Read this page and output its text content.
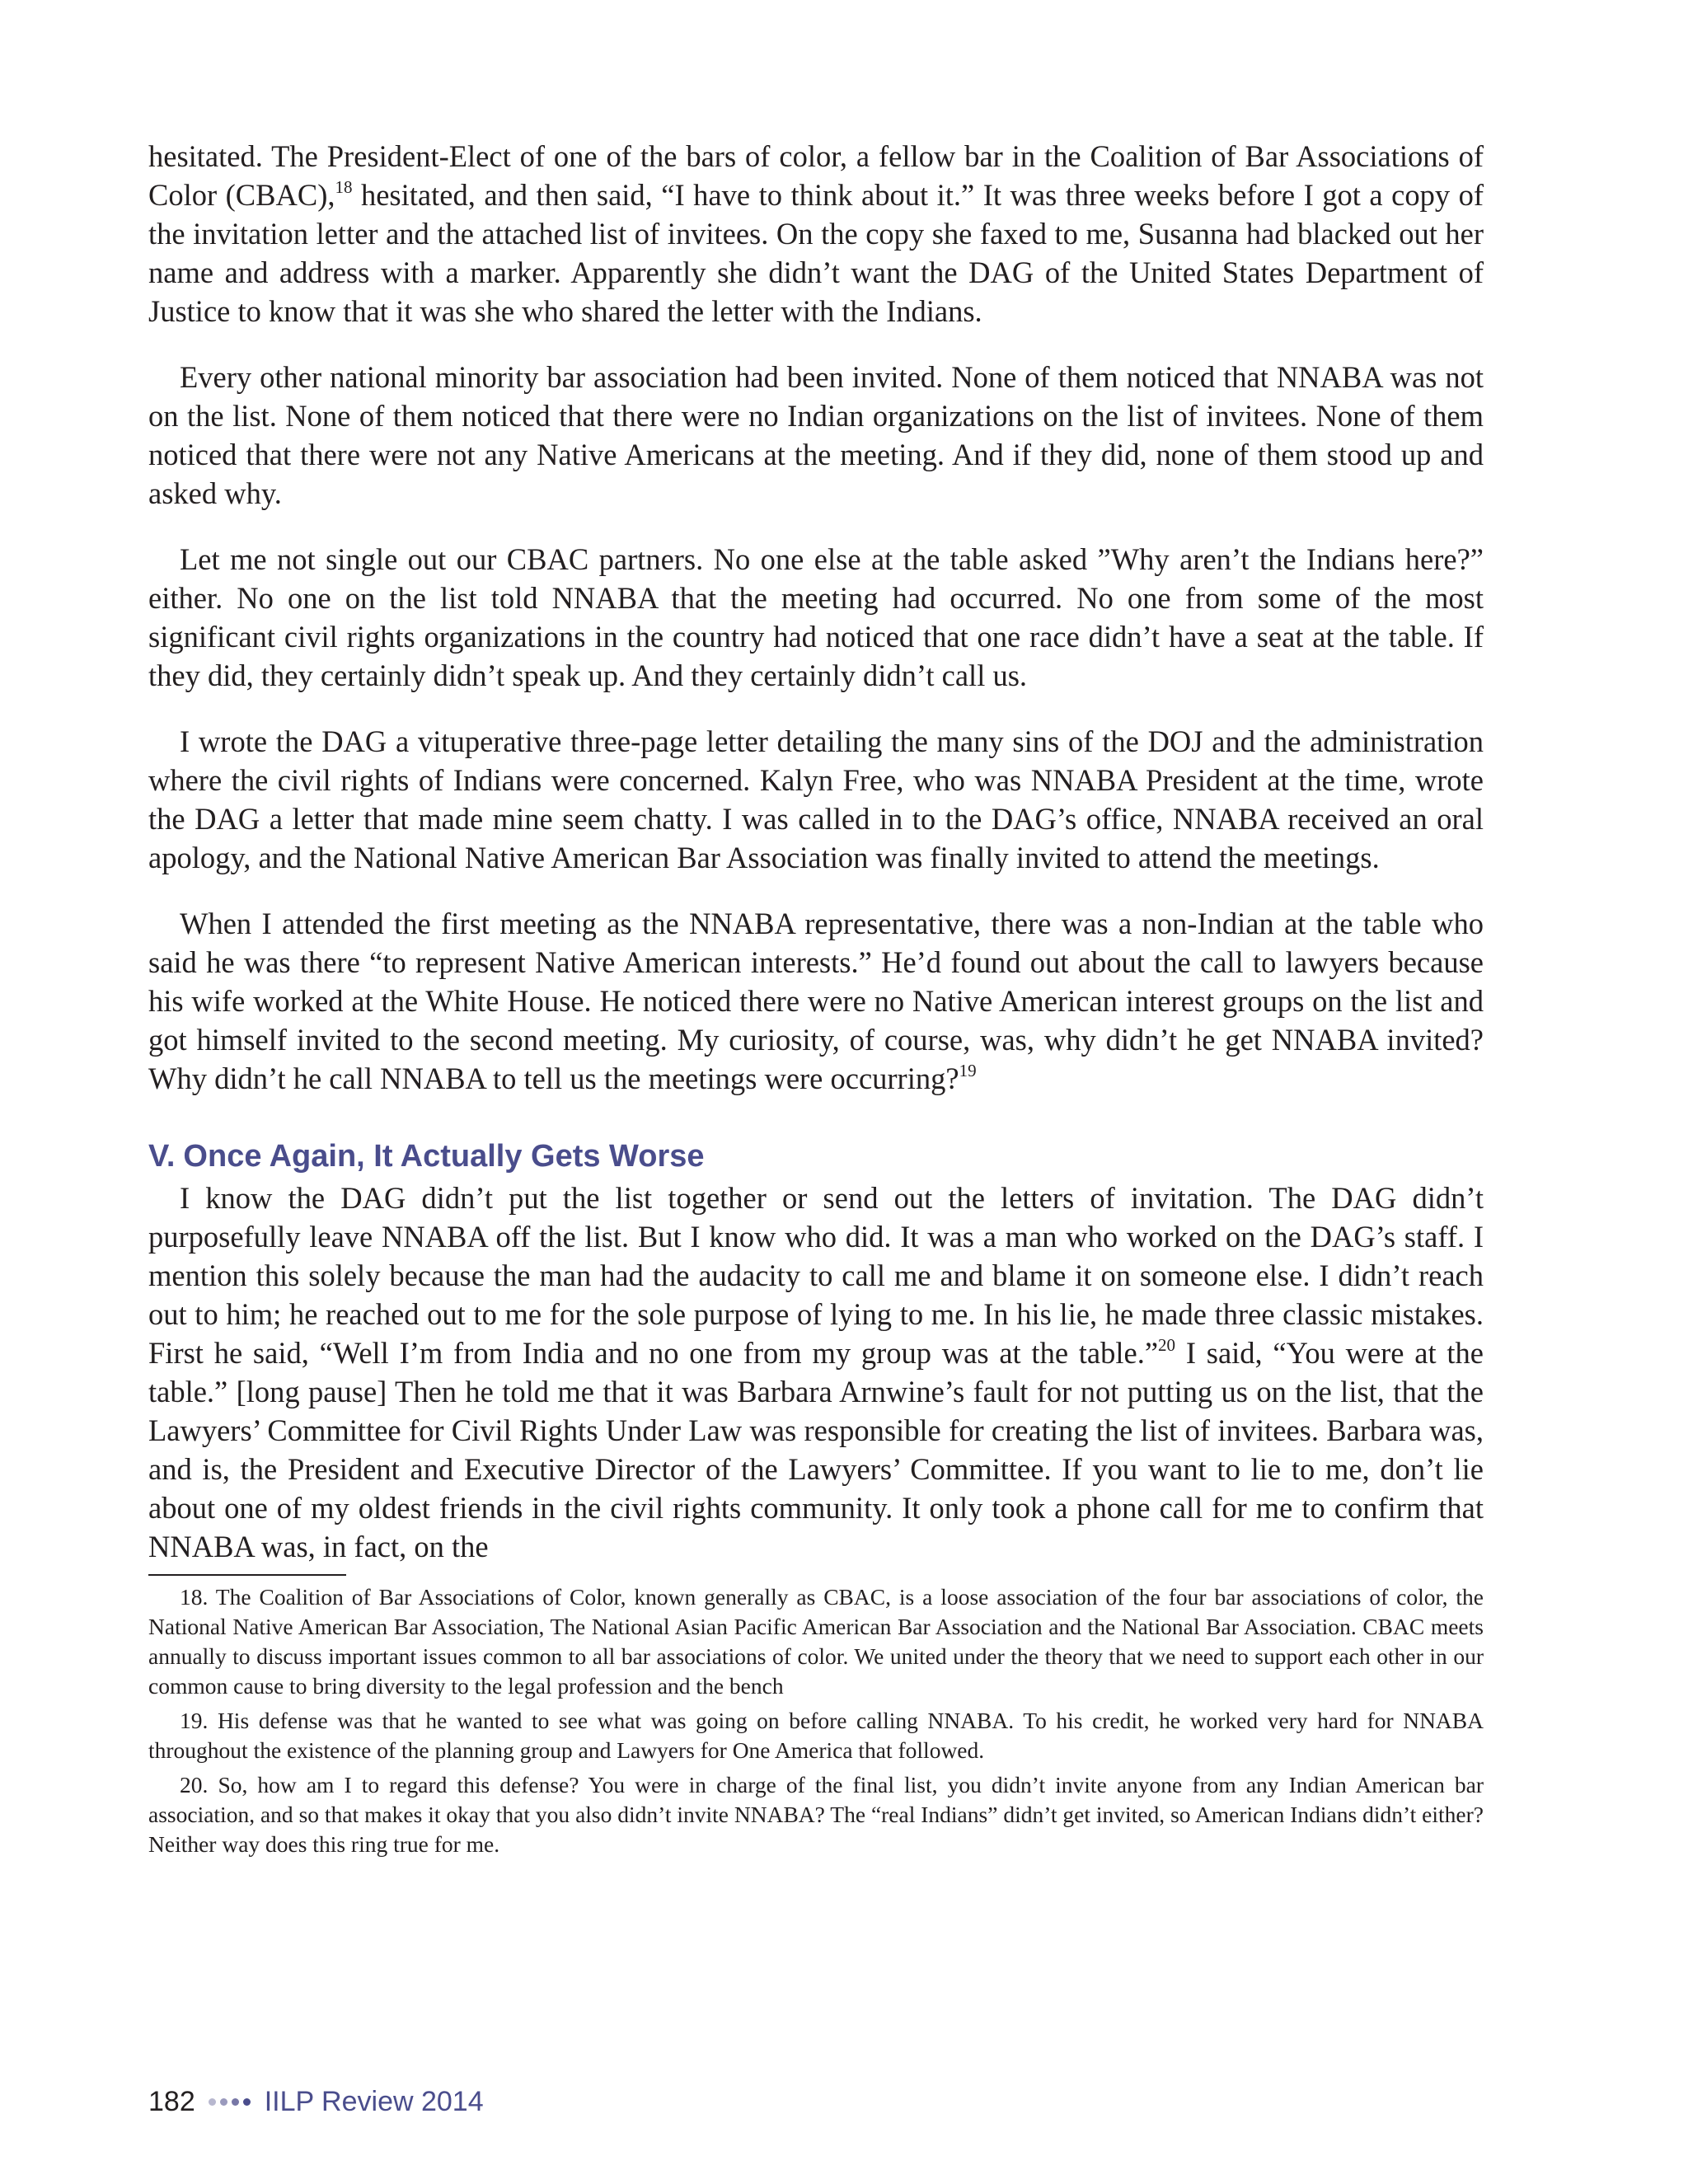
hesitated. The President-Elect of one of the bars of color, a fellow bar in the Coalition of Bar Associations of Color (CBAC),$^{18}$ hesitated, and then said, “I have to think about it.” It was three weeks before I got a copy of the invitation letter and the attached list of invitees. On the copy she faxed to me, Susanna had blacked out her name and address with a marker. Apparently she didn’t want the DAG of the United States Department of Justice to know that it was she who shared the letter with the Indians.

Every other national minority bar association had been invited. None of them noticed that NNABA was not on the list. None of them noticed that there were no Indian organizations on the list of invitees. None of them noticed that there were not any Native Americans at the meeting. And if they did, none of them stood up and asked why.

Let me not single out our CBAC partners. No one else at the table asked ”Why aren’t the Indians here?” either. No one on the list told NNABA that the meeting had occurred. No one from some of the most significant civil rights organizations in the country had noticed that one race didn’t have a seat at the table. If they did, they certainly didn’t speak up. And they certainly didn’t call us.

I wrote the DAG a vituperative three-page letter detailing the many sins of the DOJ and the administration where the civil rights of Indians were concerned. Kalyn Free, who was NNABA President at the time, wrote the DAG a letter that made mine seem chatty. I was called in to the DAG’s office, NNABA received an oral apology, and the National Native American Bar Association was finally invited to attend the meetings.

When I attended the first meeting as the NNABA representative, there was a non-Indian at the table who said he was there “to represent Native American interests.” He’d found out about the call to lawyers because his wife worked at the White House. He noticed there were no Native American interest groups on the list and got himself invited to the second meeting. My curiosity, of course, was, why didn’t he get NNABA invited? Why didn’t he call NNABA to tell us the meetings were occurring?$^{19}$

V. Once Again, It Actually Gets Worse

I know the DAG didn’t put the list together or send out the letters of invitation. The DAG didn’t purposefully leave NNABA off the list. But I know who did. It was a man who worked on the DAG’s staff. I mention this solely because the man had the audacity to call me and blame it on someone else. I didn’t reach out to him; he reached out to me for the sole purpose of lying to me. In his lie, he made three classic mistakes. First he said, “Well I’m from India and no one from my group was at the table.”$^{20}$ I said, “You were at the table.” [long pause] Then he told me that it was Barbara Arnwine’s fault for not putting us on the list, that the Lawyers’ Committee for Civil Rights Under Law was responsible for creating the list of invitees. Barbara was, and is, the President and Executive Director of the Lawyers’ Committee. If you want to lie to me, don’t lie about one of my oldest friends in the civil rights community. It only took a phone call for me to confirm that NNABA was, in fact, on the

18. The Coalition of Bar Associations of Color, known generally as CBAC, is a loose association of the four bar associations of color, the National Native American Bar Association, The National Asian Pacific American Bar Association and the National Bar Association. CBAC meets annually to discuss important issues common to all bar associations of color. We united under the theory that we need to support each other in our common cause to bring diversity to the legal profession and the bench

19. His defense was that he wanted to see what was going on before calling NNABA. To his credit, he worked very hard for NNABA throughout the existence of the planning group and Lawyers for One America that followed.

20. So, how am I to regard this defense? You were in charge of the final list, you didn’t invite anyone from any Indian American bar association, and so that makes it okay that you also didn’t invite NNABA? The “real Indians” didn’t get invited, so American Indians didn’t either? Neither way does this ring true for me.

182 IILP Review 2014
